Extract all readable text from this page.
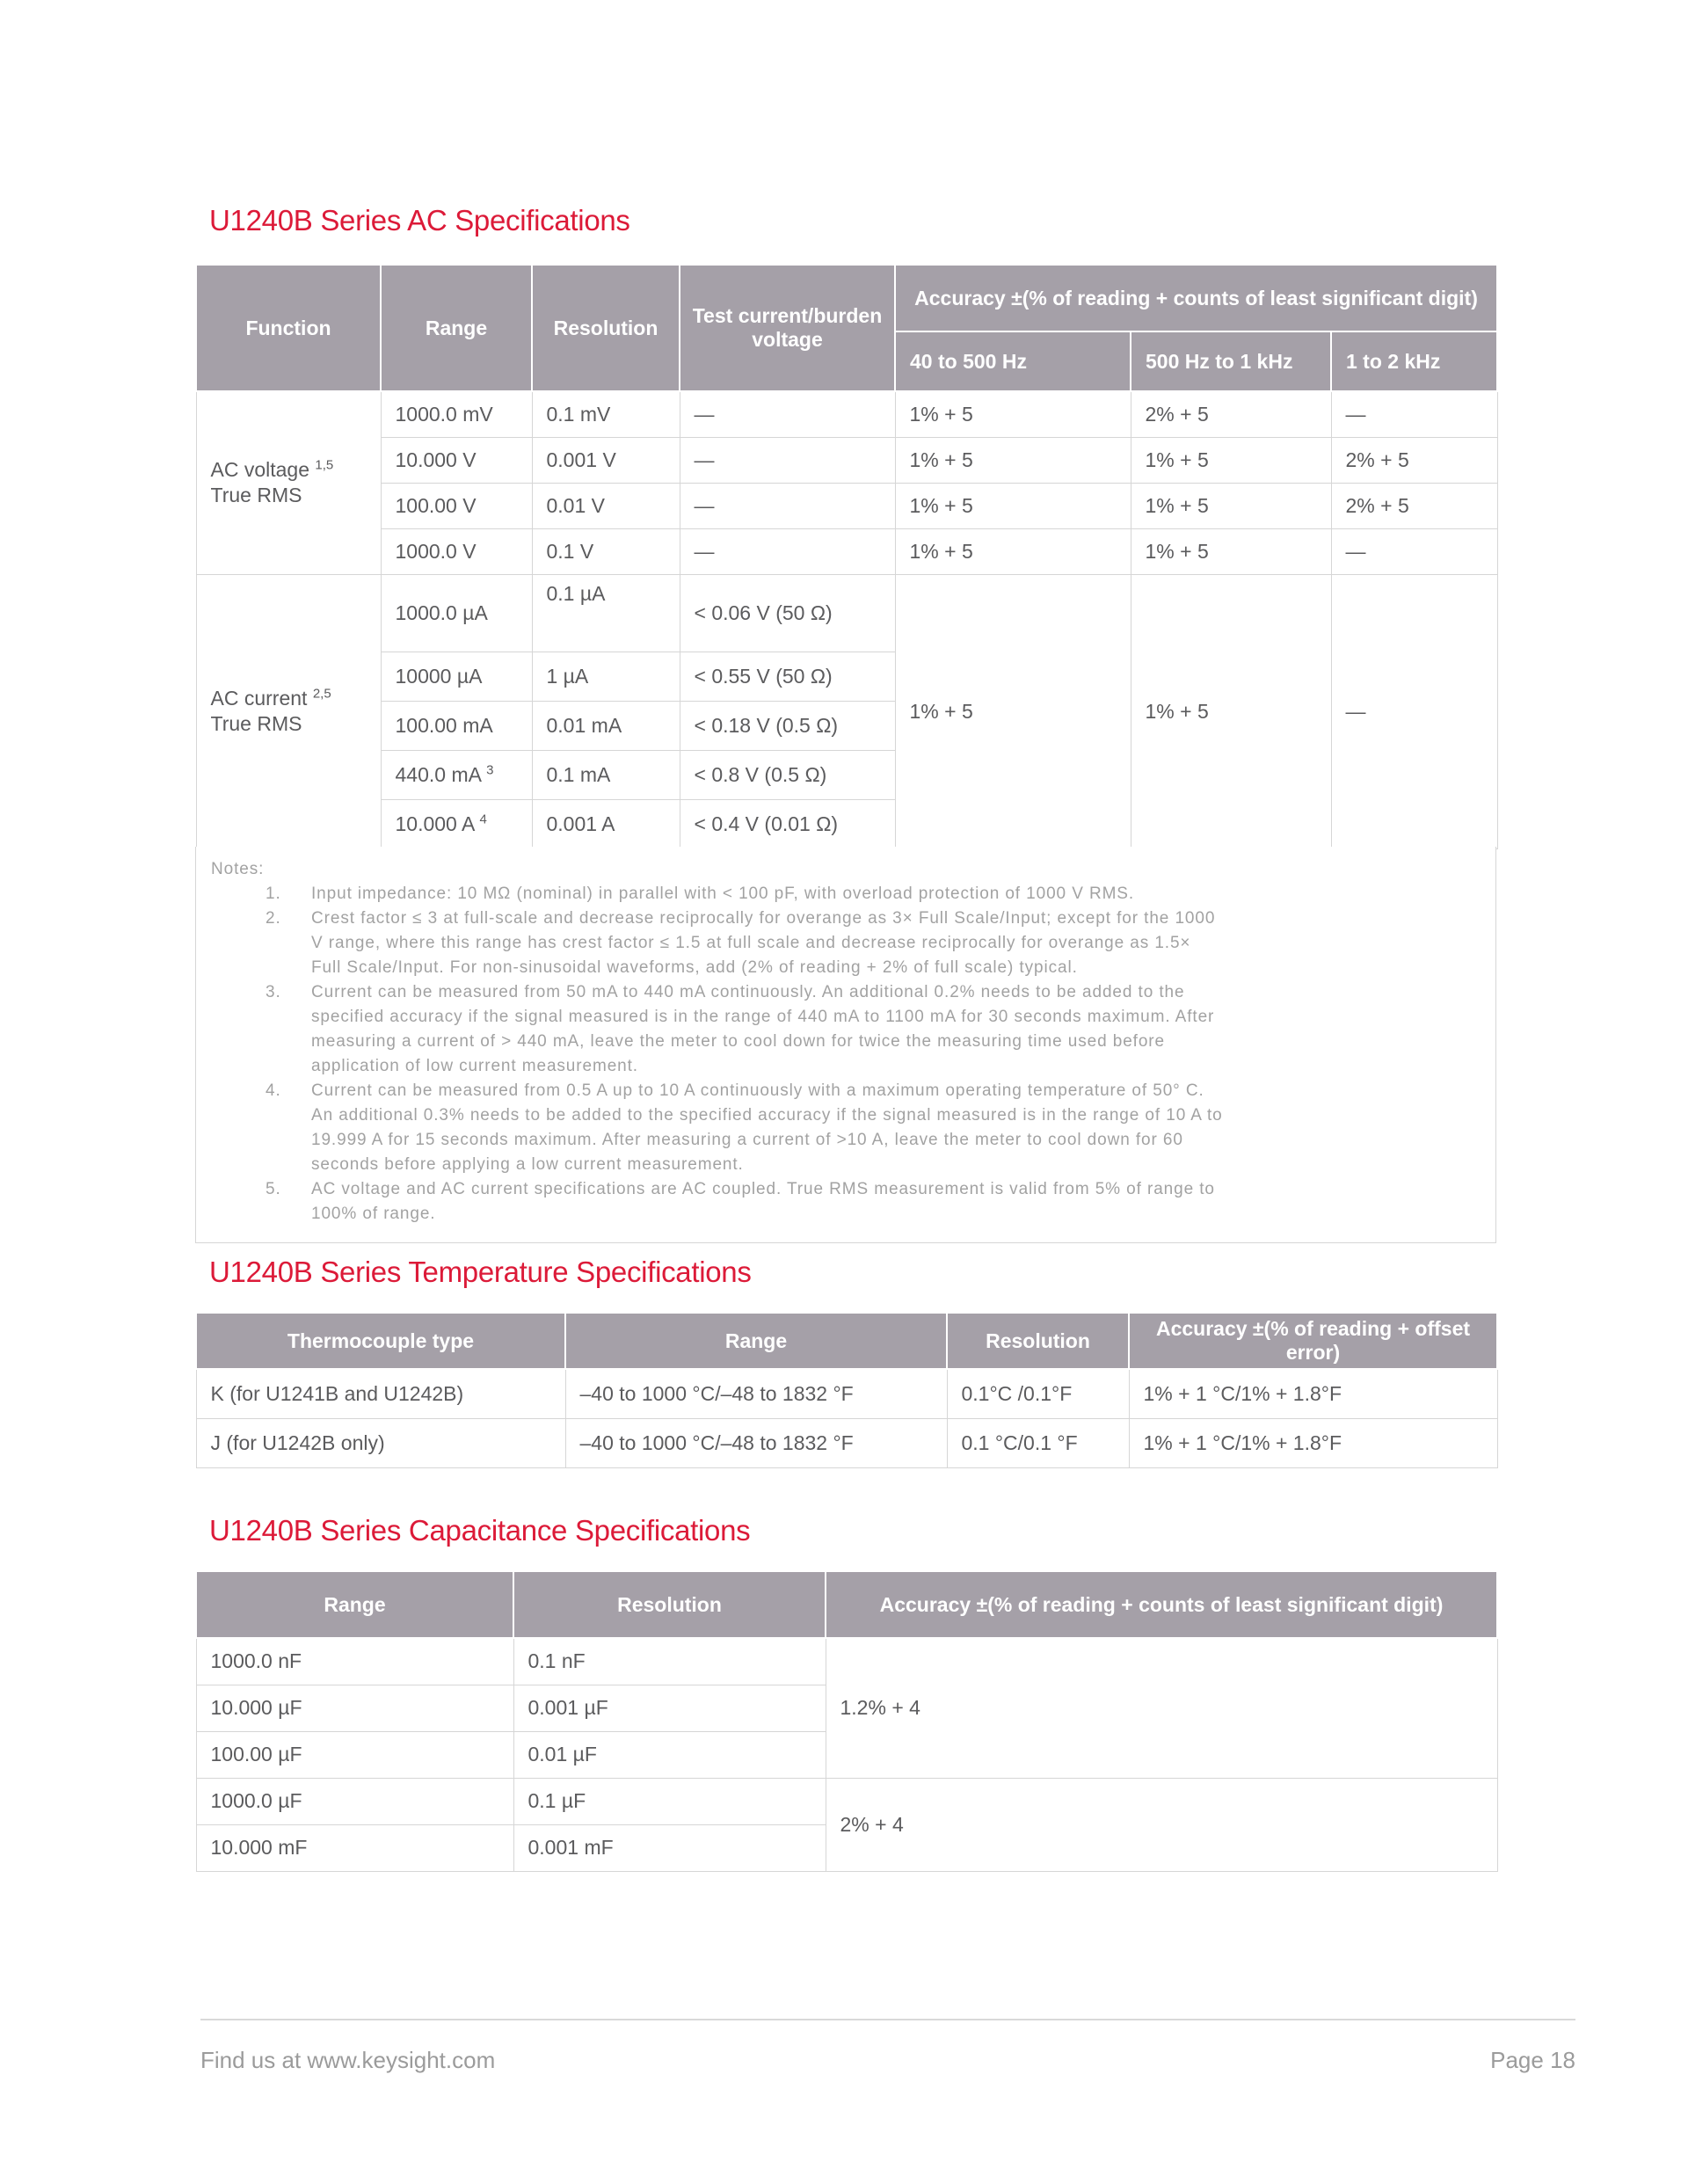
U1240B Series AC Specifications
Function	Range	Resolution	Test current/burden voltage	Accuracy ±(% of reading + counts of least significant digit)		
				40 to 500 Hz	500 Hz to 1 kHz	1 to 2 kHz
AC voltage $^{1,5}$
True RMS	1000.0 mV	0.1 mV	—	1% + 5	2% + 5	—
	10.000 V	0.001 V	—	1% + 5	1% + 5	2% + 5
	100.00 V	0.01 V	—	1% + 5	1% + 5	2% + 5
	1000.0 V	0.1 V	—	1% + 5	1% + 5	—
AC current $^{2,5}$
True RMS	1000.0 µA	0.1 µA	< 0.06 V (50 Ω)	1% + 5	1% + 5	—
	10000 µA	1 µA	< 0.55 V (50 Ω)			
	100.00 mA	0.01 mA	< 0.18 V (0.5 Ω)			
	440.0 mA $^3$	0.1 mA	< 0.8 V (0.5 Ω)			
	10.000 A $^4$	0.001 A	< 0.4 V (0.01 Ω)			
Notes:
1.	Input impedance: 10 MΩ (nominal) in parallel with < 100 pF, with overload protection of 1000 V RMS.
2.	Crest factor ≤ 3 at full-scale and decrease reciprocally for overange as 3× Full Scale/Input; except for the 1000 V range, where this range has crest factor ≤ 1.5 at full scale and decrease reciprocally for overange as 1.5× Full Scale/Input. For non-sinusoidal waveforms, add (2% of reading + 2% of full scale) typical.
3.	Current can be measured from 50 mA to 440 mA continuously. An additional 0.2% needs to be added to the specified accuracy if the signal measured is in the range of 440 mA to 1100 mA for 30 seconds maximum. After measuring a current of > 440 mA, leave the meter to cool down for twice the measuring time used before application of low current measurement.
4.	Current can be measured from 0.5 A up to 10 A continuously with a maximum operating temperature of 50° C. An additional 0.3% needs to be added to the specified accuracy if the signal measured is in the range of 10 A to 19.999 A for 15 seconds maximum. After measuring a current of >10 A, leave the meter to cool down for 60 seconds before applying a low current measurement.
5.	AC voltage and AC current specifications are AC coupled. True RMS measurement is valid from 5% of range to 100% of range.
U1240B Series Temperature Specifications
Thermocouple type	Range	Resolution	Accuracy ±(% of reading + offset error)
K (for U1241B and U1242B)	–40 to 1000 °C/–48 to 1832 °F	0.1°C /0.1°F	1% + 1 °C/1% + 1.8°F
J (for U1242B only)	–40 to 1000 °C/–48 to 1832 °F	0.1 °C/0.1 °F	1% + 1 °C/1% + 1.8°F
U1240B Series Capacitance Specifications
Range	Resolution	Accuracy ±(% of reading + counts of least significant digit)
1000.0 nF	0.1 nF	1.2% + 4
10.000 µF	0.001 µF	
100.00 µF	0.01 µF	
1000.0 µF	0.1 µF	2% + 4
10.000 mF	0.001 mF	
Find us at www.keysight.com	Page 18
